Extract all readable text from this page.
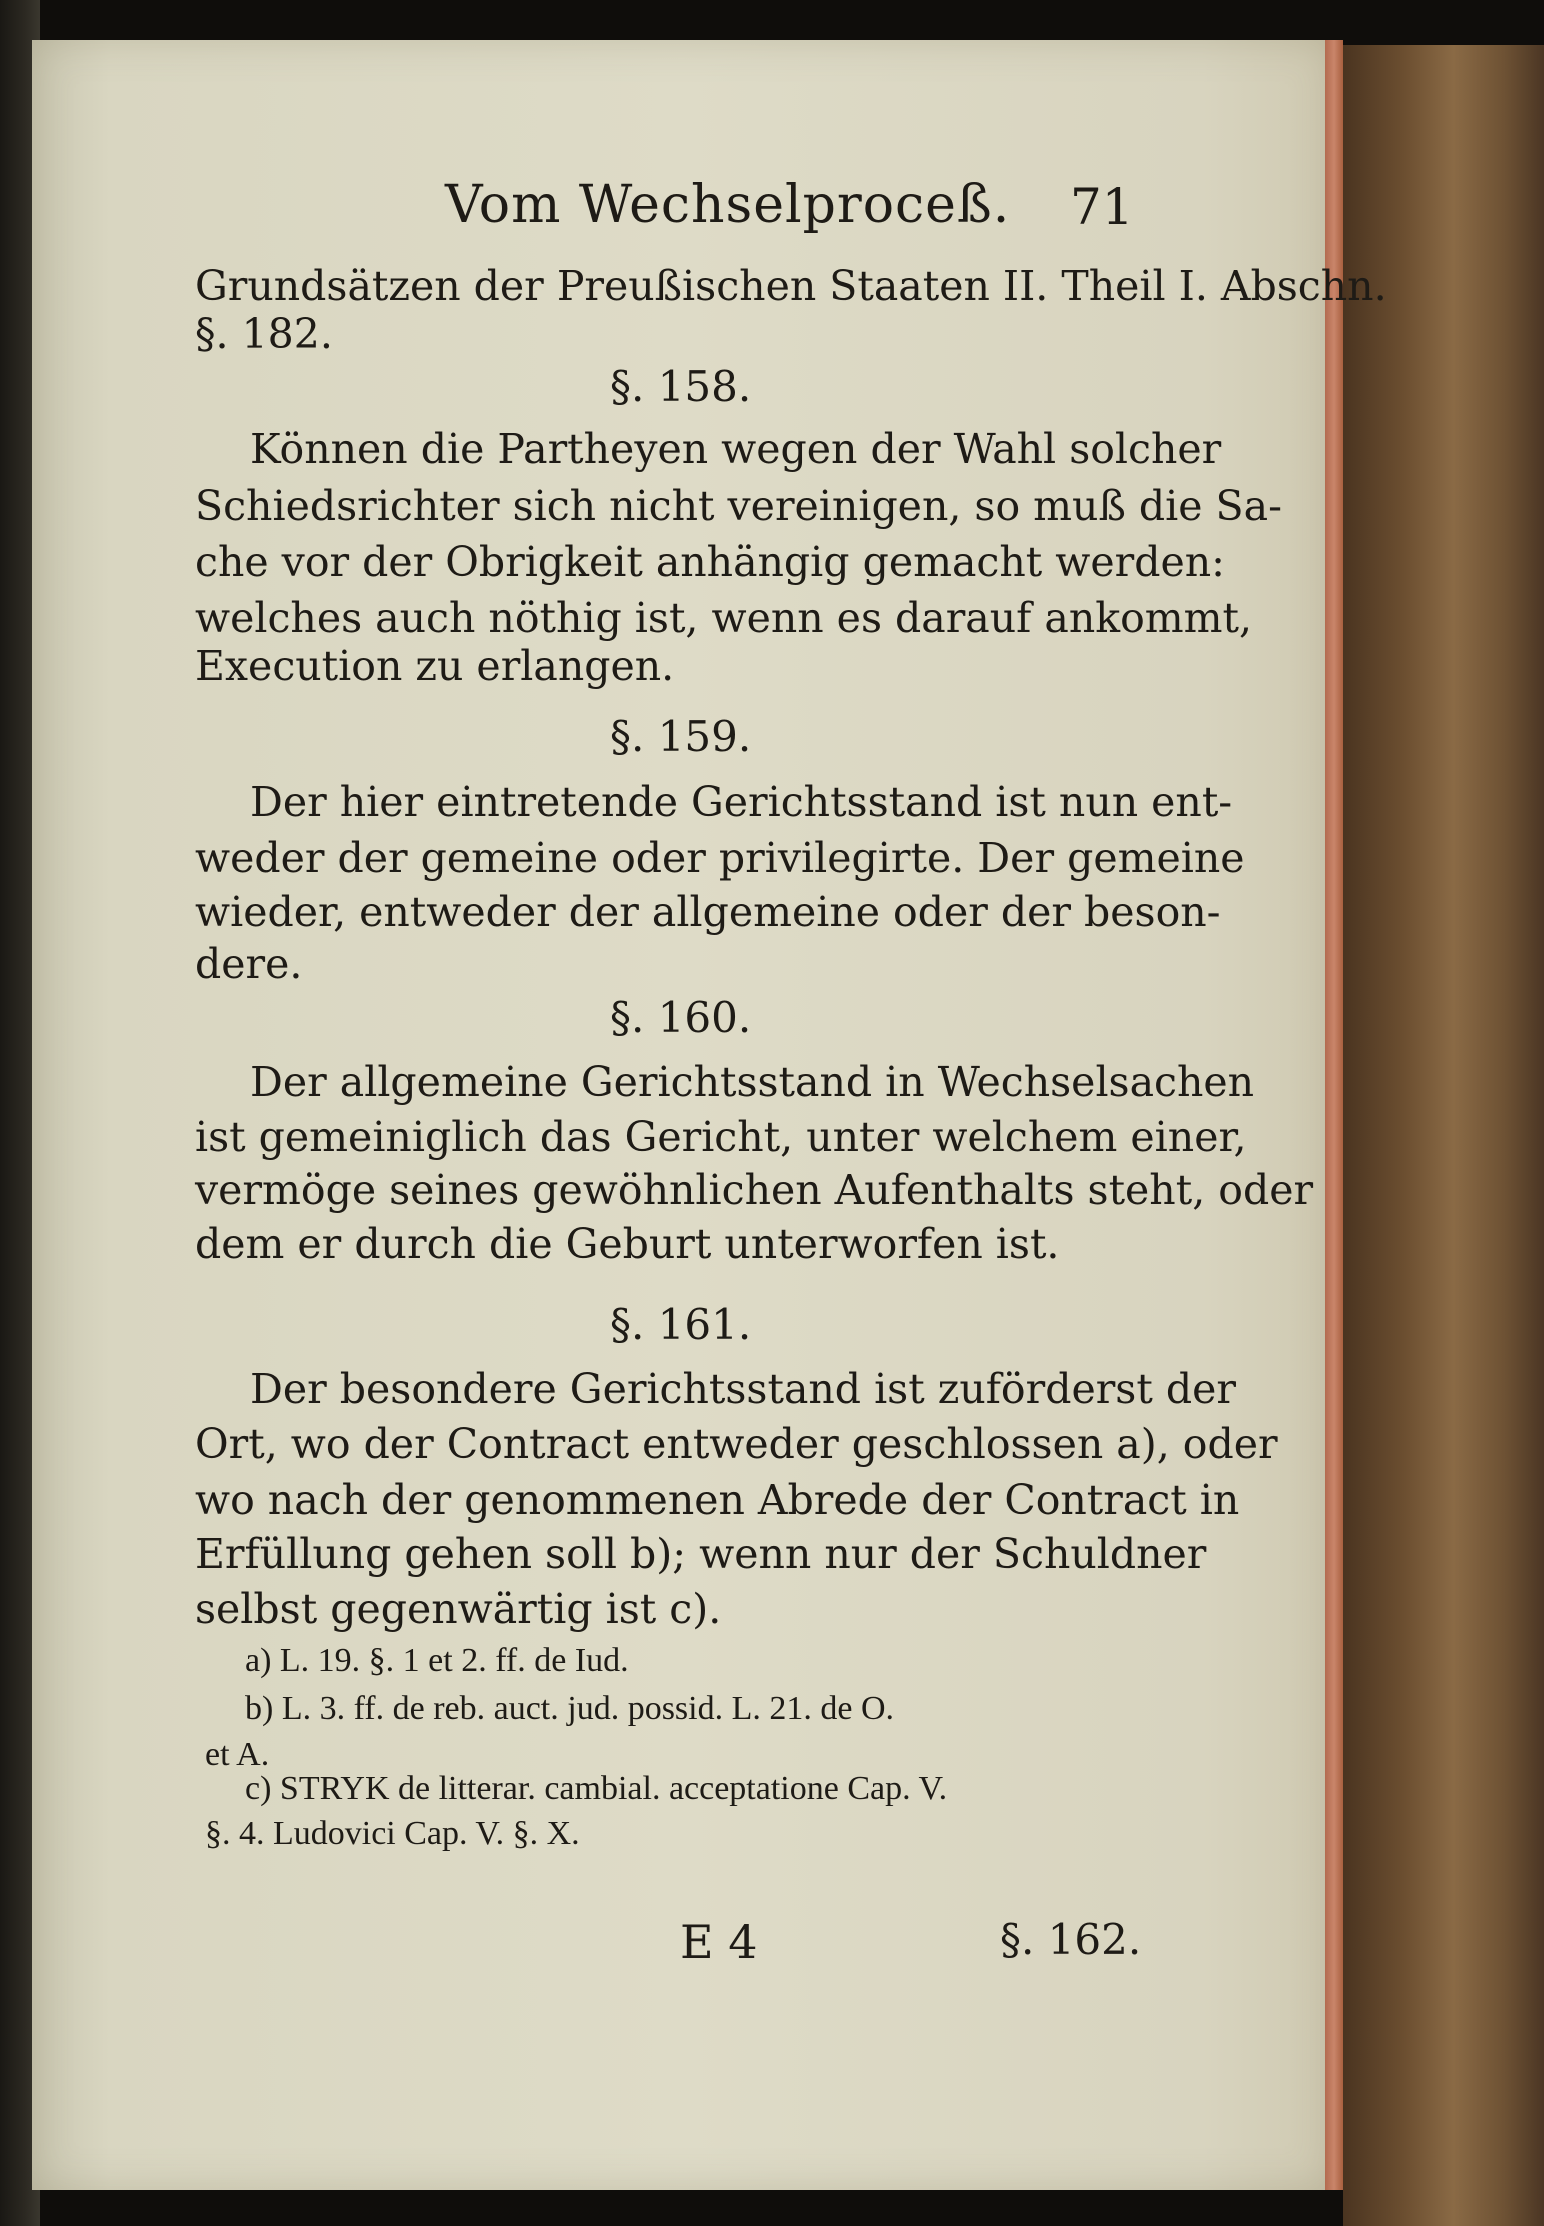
Vom Wechselproceß. 71
Grundsätzen der Preußischen Staaten II. Theil I. Abschn.
§. 182.
§. 158.
Können die Partheyen wegen der Wahl solcher
Schiedsrichter sich nicht vereinigen, so muß die Sa-
che vor der Obrigkeit anhängig gemacht werden:
welches auch nöthig ist, wenn es darauf ankommt,
Execution zu erlangen.
§. 159.
Der hier eintretende Gerichtsstand ist nun ent-
weder der gemeine oder privilegirte. Der gemeine
wieder, entweder der allgemeine oder der beson-
dere.
§. 160.
Der allgemeine Gerichtsstand in Wechselsachen
ist gemeiniglich das Gericht, unter welchem einer,
vermöge seines gewöhnlichen Aufenthalts steht, oder
dem er durch die Geburt unterworfen ist.
§. 161.
Der besondere Gerichtsstand ist zuförderst der
Ort, wo der Contract entweder geschlossen a), oder
wo nach der genommenen Abrede der Contract in
Erfüllung gehen soll b); wenn nur der Schuldner
selbst gegenwärtig ist c).
a) L. 19. §. 1 et 2. ff. de Iud.
b) L. 3. ff. de reb. auct. jud. possid. L. 21. de O.
et A.
c) STRYK de litterar. cambial. acceptatione Cap. V.
§. 4. Ludovici Cap. V. §. X.
E 4	§. 162.
